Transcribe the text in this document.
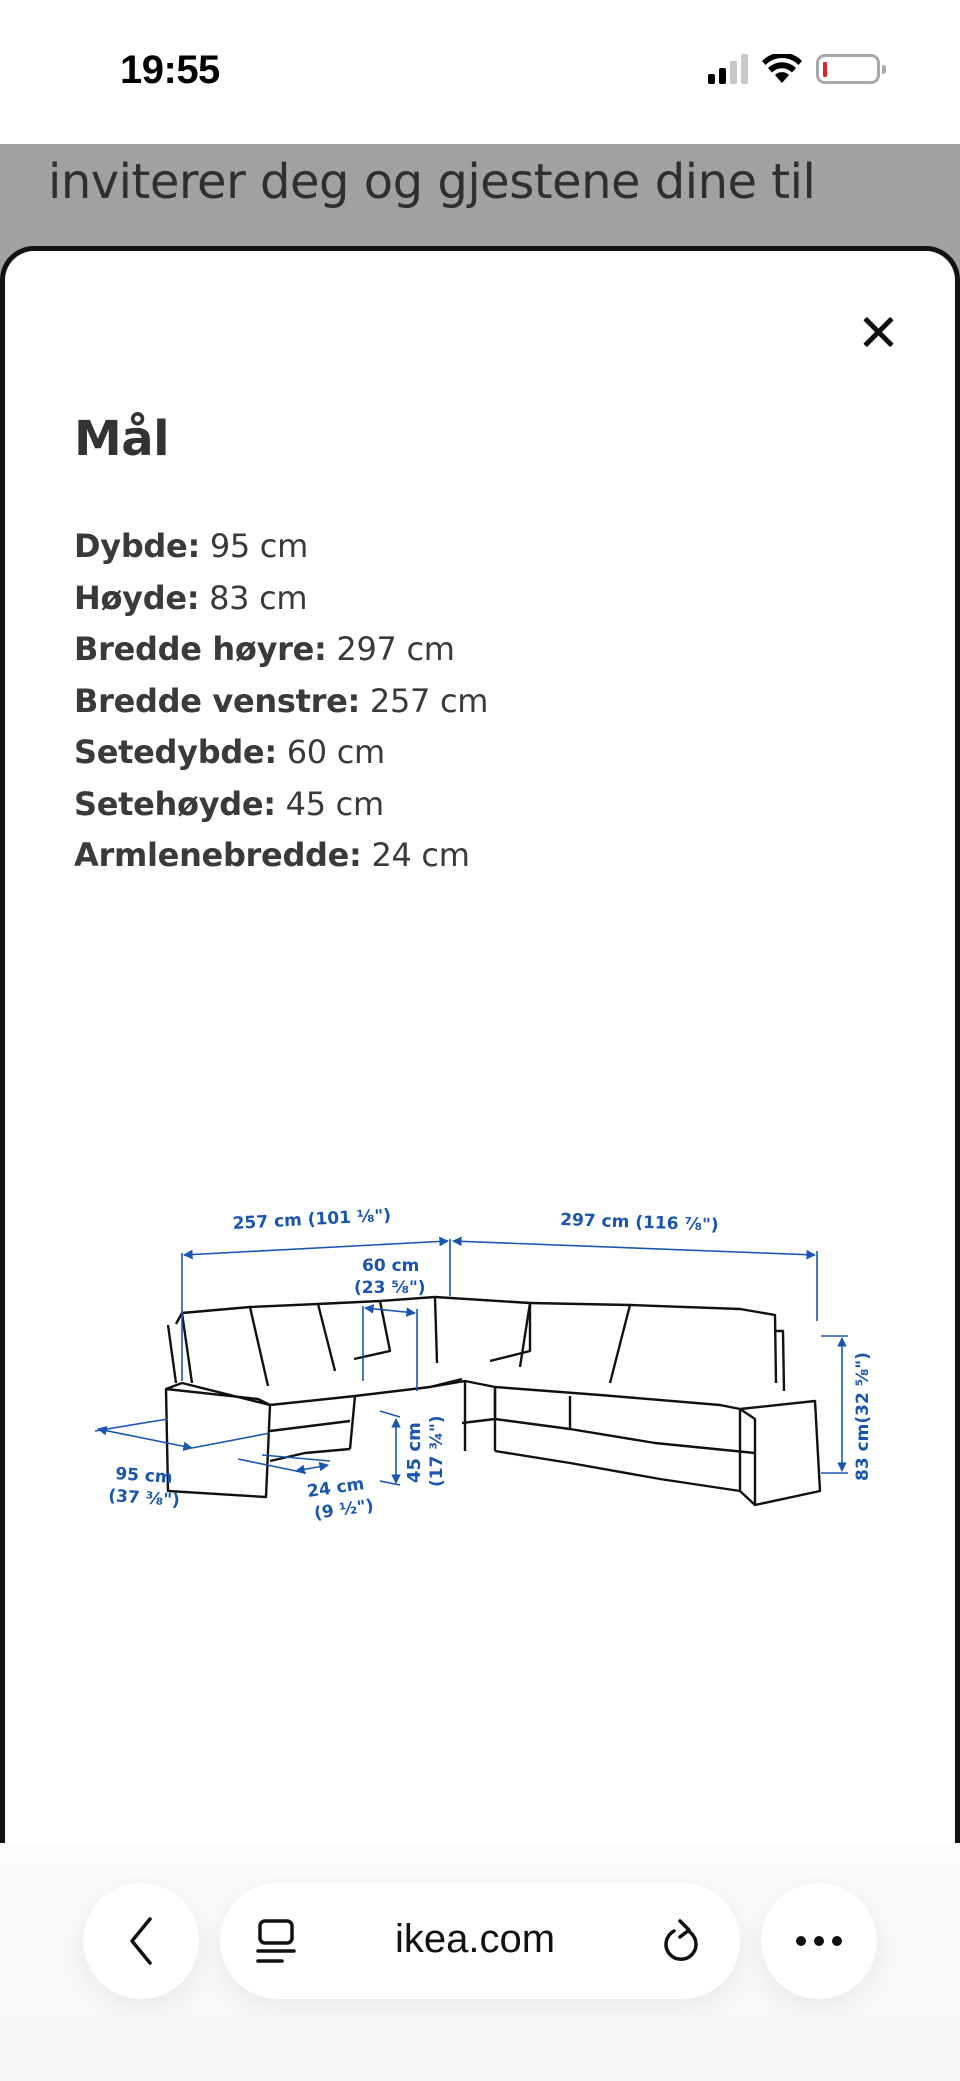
19:55
inviterer deg og gjestene dine til
Mål
Dybde: 95 cm
Høyde: 83 cm
Bredde høyre: 297 cm
Bredde venstre: 257 cm
Setedybde: 60 cm
Setehøyde: 45 cm
Armlenebredde: 24 cm
257 cm (101 ⅛")	297 cm (116 ⅞")
60 cm
(23 ⅝")
95 cm
(37 ⅜")	24 cm
(9 ½")
45 cm (17 ¾")	83 cm(32 ⅝")
ikea.com
